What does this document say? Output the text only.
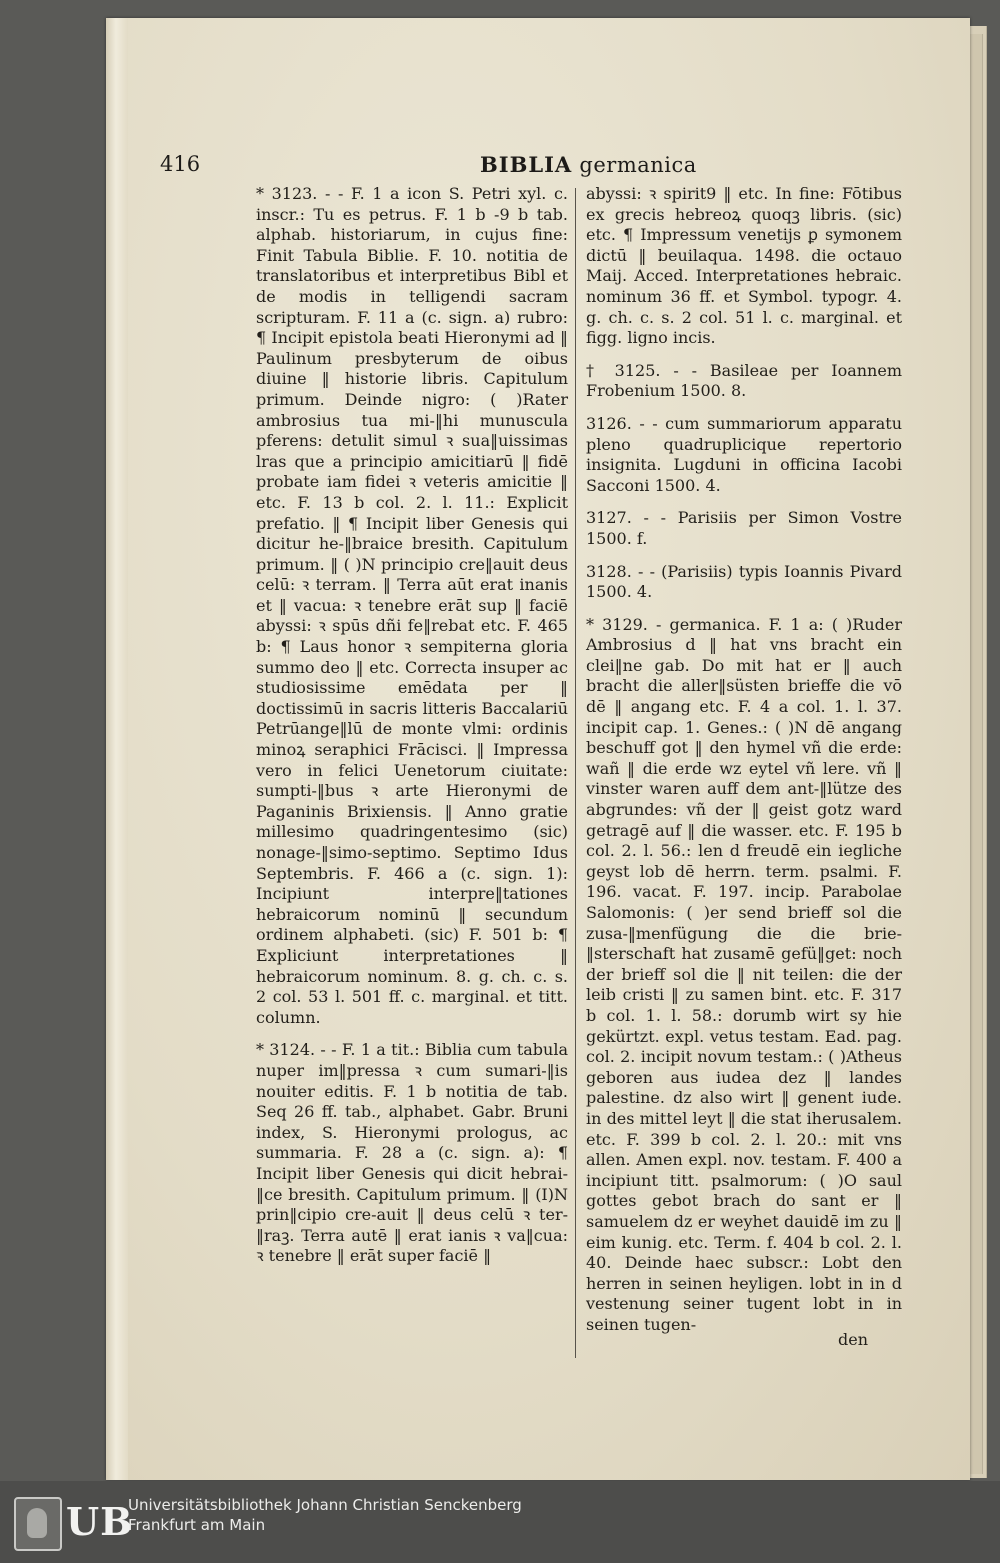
416	BIBLIA germanica

* 3123. - - F. 1 a icon S. Petri xyl. c. inscr.: Tu es petrus. F. 1 b -9 b tab. alphab. historiarum, in cujus fine: Finit Tabula Biblie. F. 10. notitia de translatoribus et interpretibus Bibl et de modis in telligendi sacram scripturam. F. 11 a (c. sign. a) rubro: ¶ Incipit epistola beati Hieronymi ad ‖ Paulinum presbyterum de oibus diuine ‖ historie libris. Capitulum primum. Deinde nigro: ( )Rater ambrosius tua mi-‖hi munuscula pferens: detulit simul ꝛ sua‖uissimas lras que a principio amicitiarū ‖ fidē probate iam fidei ꝛ veteris amicitie ‖ etc. F. 13 b col. 2. l. 11.: Explicit prefatio. ‖ ¶ Incipit liber Genesis qui dicitur he-‖braice bresith. Capitulum primum. ‖ ( )N principio cre‖auit deus celū: ꝛ terram. ‖ Terra aūt erat inanis et ‖ vacua: ꝛ tenebre erāt sup ‖ faciē abyssi: ꝛ spūs dñi fe‖rebat etc. F. 465 b: ¶ Laus honor ꝛ sempiterna gloria summo deo ‖ etc. Correcta insuper ac studiosissime emēdata per ‖ doctissimū in sacris litteris Baccalariū Petrūange‖lū de monte vlmi: ordinis minoꝝ seraphici Frācisci. ‖ Impressa vero in felici Uenetorum ciuitate: sumpti-‖bus ꝛ arte Hieronymi de Paganinis Brixiensis. ‖ Anno gratie millesimo quadringentesimo (sic) nonage-‖simo-septimo. Septimo Idus Septembris. F. 466 a (c. sign. 1): Incipiunt interpre‖tationes hebraicorum nominū ‖ secundum ordinem alphabeti. (sic) F. 501 b: ¶ Expliciunt interpretationes ‖ hebraicorum nominum. 8. g. ch. c. s. 2 col. 53 l. 501 ff. c. marginal. et titt. column.

* 3124. - - F. 1 a tit.: Biblia cum tabula nuper im‖pressa ꝛ cum sumari-‖is nouiter editis. F. 1 b notitia de tab. Seq 26 ff. tab., alphabet. Gabr. Bruni index, S. Hieronymi prologus, ac summaria. F. 28 a (c. sign. a): ¶ Incipit liber Genesis qui dicit hebrai-‖ce bresith. Capitulum primum. ‖ (I)N prin‖cipio cre-auit ‖ deus celū ꝛ ter-‖raꝫ. Terra autē ‖ erat ianis ꝛ va‖cua: ꝛ tenebre ‖ erāt super faciē ‖

abyssi: ꝛ spirit9 ‖ etc. In fine: Fōtibus ex grecis hebreoꝝ quoqꝫ libris. (sic) etc. ¶ Impressum venetijs ꝑ symonem dictū ‖ beuilaqua. 1498. die octauo Maij. Acced. Interpretationes hebraic. nominum 36 ff. et Symbol. typogr. 4. g. ch. c. s. 2 col. 51 l. c. marginal. et figg. ligno incis.

† 3125. - - Basileae per Ioannem Frobenium 1500. 8.

3126. - - cum summariorum apparatu pleno quadruplicique repertorio insignita. Lugduni in officina Iacobi Sacconi 1500. 4.

3127. - - Parisiis per Simon Vostre 1500. f.

3128. - - (Parisiis) typis Ioannis Pivard 1500. 4.

* 3129. - germanica. F. 1 a: ( )Ruder Ambrosius d ‖ hat vns bracht ein clei‖ne gab. Do mit hat er ‖ auch bracht die aller‖süsten brieffe die vō dē ‖ angang etc. F. 4 a col. 1. l. 37. incipit cap. 1. Genes.: ( )N dē angang beschuff got ‖ den hymel vñ die erde: wañ ‖ die erde wz eytel vñ lere. vñ ‖ vinster waren auff dem ant-‖lütze des abgrundes: vñ der ‖ geist gotz ward getragē auf ‖ die wasser. etc. F. 195 b col. 2. l. 56.: len d freudē ein iegliche geyst lob dē herrn. term. psalmi. F. 196. vacat. F. 197. incip. Parabolae Salomonis: ( )er send brieff sol die zusa-‖menfügung die die brie-‖sterschaft hat zusamē gefü‖get: noch der brieff sol die ‖ nit teilen: die der leib cristi ‖ zu samen bint. etc. F. 317 b col. 1. l. 58.: dorumb wirt sy hie gekürtzt. expl. vetus testam. Ead. pag. col. 2. incipit novum testam.: ( )Atheus geboren aus iudea dez ‖ landes palestine. dz also wirt ‖ genent iude. in des mittel leyt ‖ die stat iherusalem. etc. F. 399 b col. 2. l. 20.: mit vns allen. Amen expl. nov. testam. F. 400 a incipiunt titt. psalmorum: ( )O saul gottes gebot brach do sant er ‖ samuelem dz er weyhet dauidē im zu ‖ eim kunig. etc. Term. f. 404 b col. 2. l. 40. Deinde haec subscr.: Lobt den herren in seinen heyligen. lobt in in d vestenung seiner tugent lobt in in seinen tugen-

den
UB
Universitätsbibliothek Johann Christian Senckenberg
Frankfurt am Main
